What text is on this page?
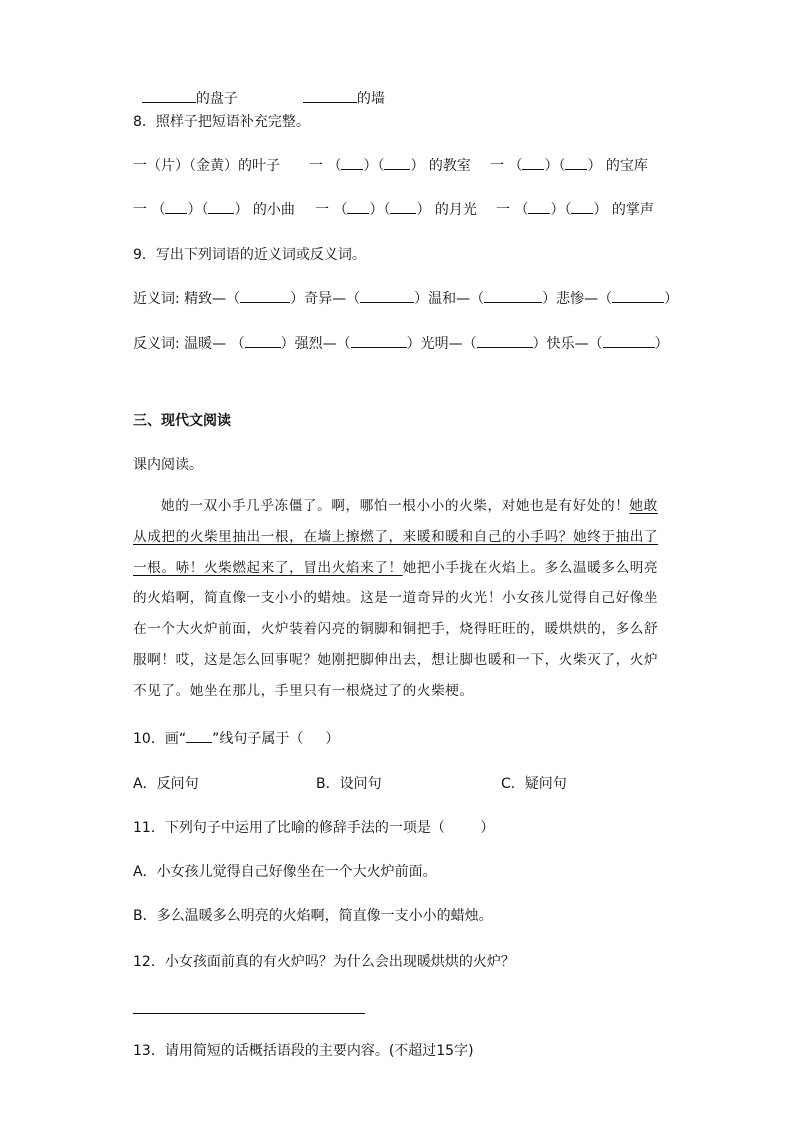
的盘子	的墙

8．照样子把短语补充完整。
一（片）（金黄）的叶子 一 （ ）（ ） 的教室 一 （ ）（ ） 的宝库
一 （ ）（ ） 的小曲 一 （ ）（ ） 的月光 一 （ ）（ ） 的掌声
9．写出下列词语的近义词或反义词。
近义词: 精致—（	）奇异—（	）温和—（	）悲惨—（	）
反义词: 温暖— （	）强烈—（	）光明—（	）快乐—（	）
三、现代文阅读
课内阅读。
她的一双小手几乎冻僵了。啊，哪怕一根小小的火柴，对她也是有好处的！她敢从成把的火柴里抽出一根，在墙上擦燃了，来暖和暖和自己的小手吗？她终于抽出了一根。哧！火柴燃起来了，冒出火焰来了！她把小手拢在火焰上。多么温暖多么明亮的火焰啊，简直像一支小小的蜡烛。这是一道奇异的火光！小女孩儿觉得自己好像坐在一个大火炉前面，火炉装着闪亮的铜脚和铜把手，烧得旺旺的，暖烘烘的，多么舒服啊！哎，这是怎么回事呢？她刚把脚伸出去，想让脚也暖和一下，火柴灭了，火炉不见了。她坐在那儿，手里只有一根烧过了的火柴梗。
10．画“ ”线句子属于（ ）
A．反问句	B．设问句	C．疑问句
11．下列句子中运用了比喻的修辞手法的一项是（        ）
A．小女孩儿觉得自己好像坐在一个大火炉前面。
B．多么温暖多么明亮的火焰啊，简直像一支小小的蜡烛。
12．小女孩面前真的有火炉吗？为什么会出现暖烘烘的火炉？
13．请用简短的话概括语段的主要内容。(不超过15字)
